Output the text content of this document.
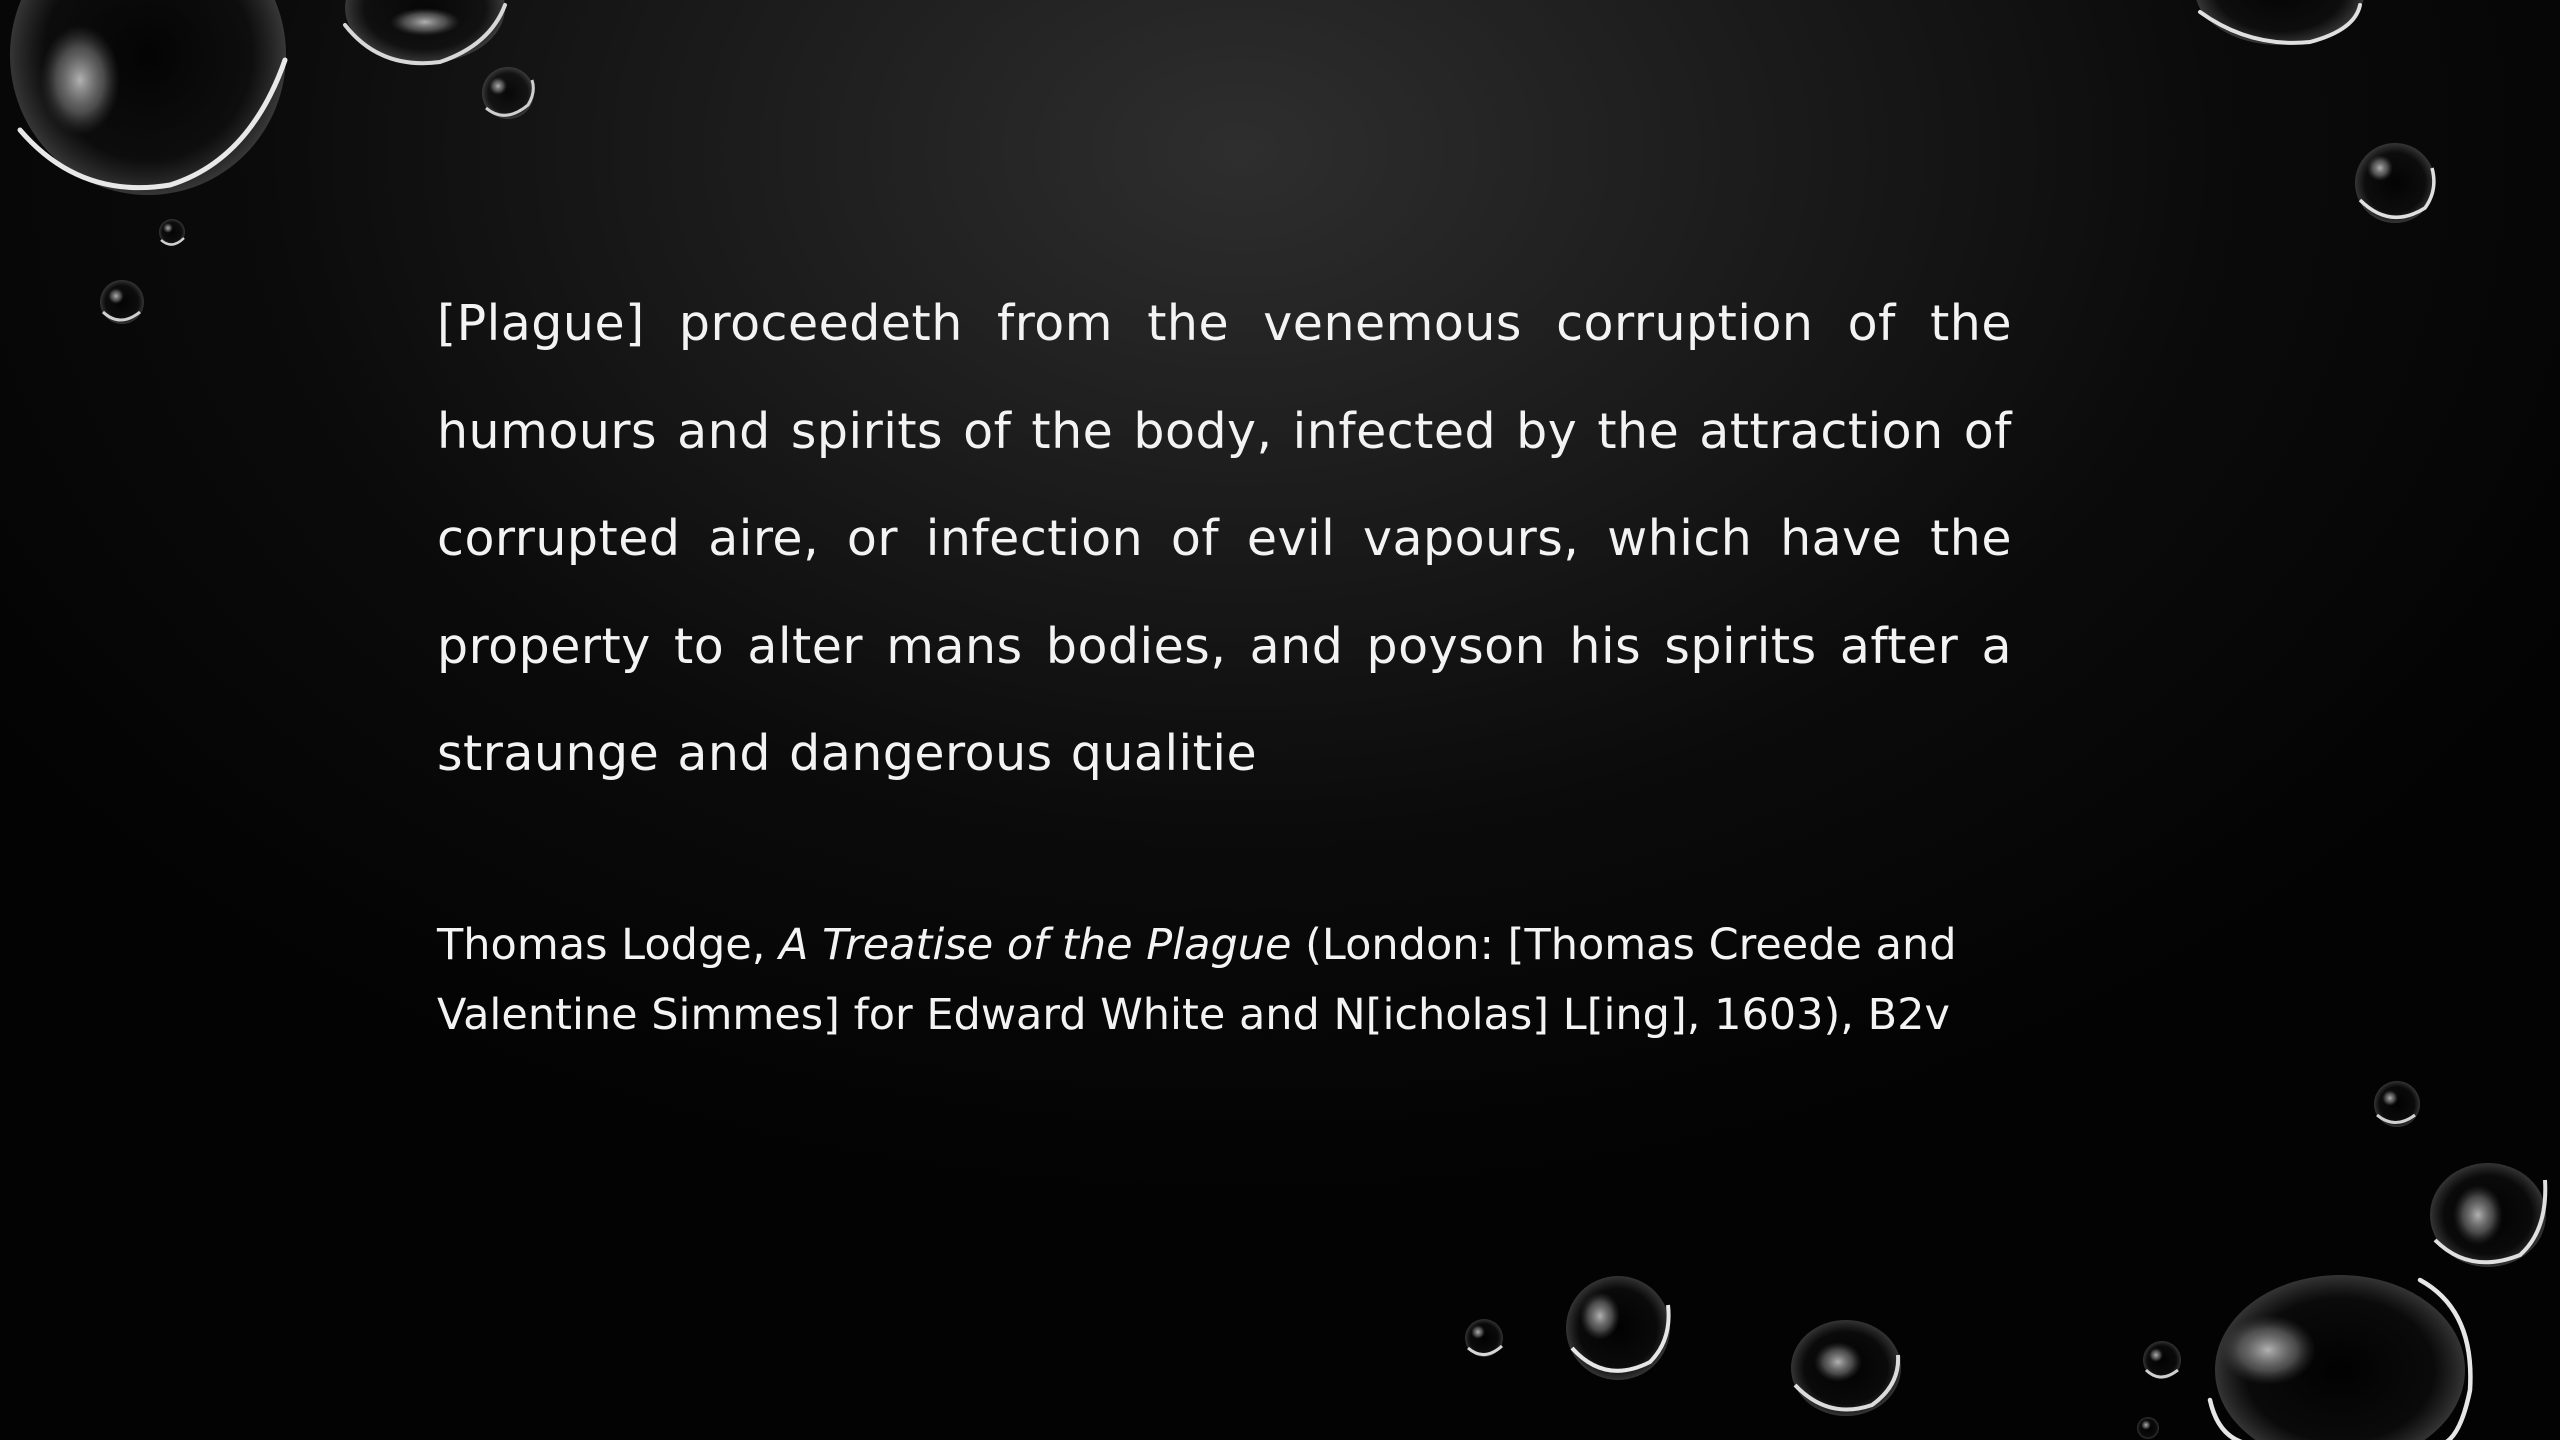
[Plague] proceedeth from the venemous corruption of the humours and spirits of the body, infected by the attraction of corrupted aire, or infection of evil vapours, which have the property to alter mans bodies, and poyson his spirits after a straunge and dangerous qualitie

Thomas Lodge, A Treatise of the Plague (London: [Thomas Creede and
Valentine Simmes] for Edward White and N[icholas] L[ing], 1603), B2v
